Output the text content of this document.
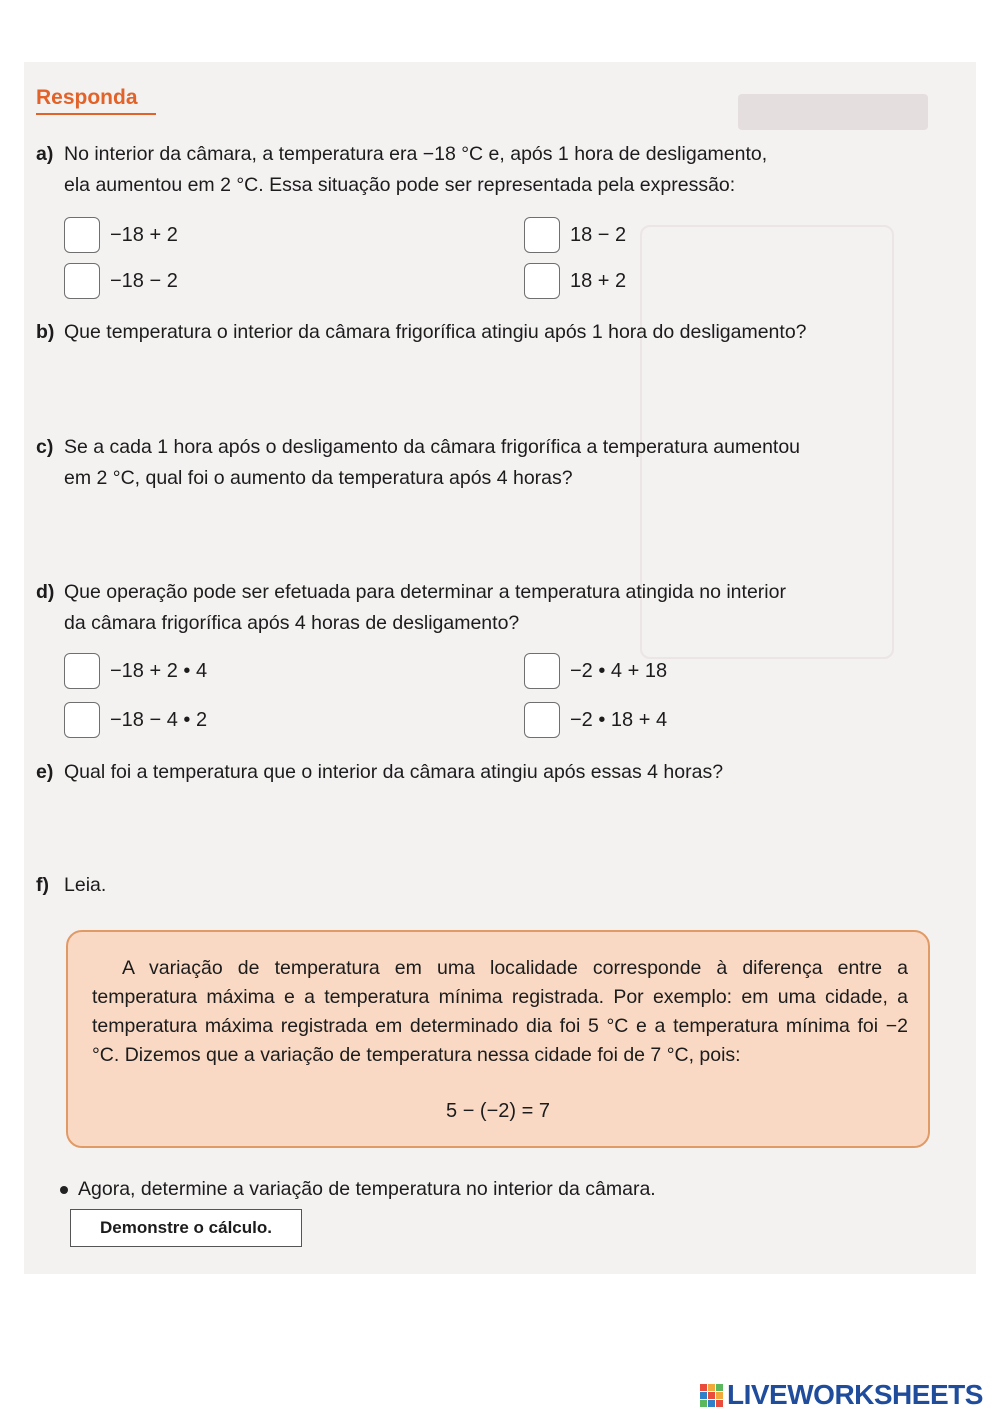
Responda
a) No interior da câmara, a temperatura era −18 °C e, após 1 hora de desligamento,
ela aumentou em 2 °C. Essa situação pode ser representada pela expressão:
−18 + 2	18 − 2
−18 − 2	18 + 2
b) Que temperatura o interior da câmara frigorífica atingiu após 1 hora do desligamento?
c) Se a cada 1 hora após o desligamento da câmara frigorífica a temperatura aumentou
em 2 °C, qual foi o aumento da temperatura após 4 horas?
d) Que operação pode ser efetuada para determinar a temperatura atingida no interior
da câmara frigorífica após 4 horas de desligamento?
−18 + 2 • 4	−2 • 4 + 18
−18 − 4 • 2	−2 • 18 + 4
e) Qual foi a temperatura que o interior da câmara atingiu após essas 4 horas?
f) Leia.

A variação de temperatura em uma localidade corresponde à diferença entre a temperatura máxima e a temperatura mínima registrada. Por exemplo: em uma cidade, a temperatura máxima registrada em determinado dia foi 5 °C e a temperatura mínima foi −2 °C. Dizemos que a variação de temperatura nessa cidade foi de 7 °C, pois:

5 − (−2) = 7
Agora, determine a variação de temperatura no interior da câmara.
Demonstre o cálculo.
LIVEWORKSHEETS
